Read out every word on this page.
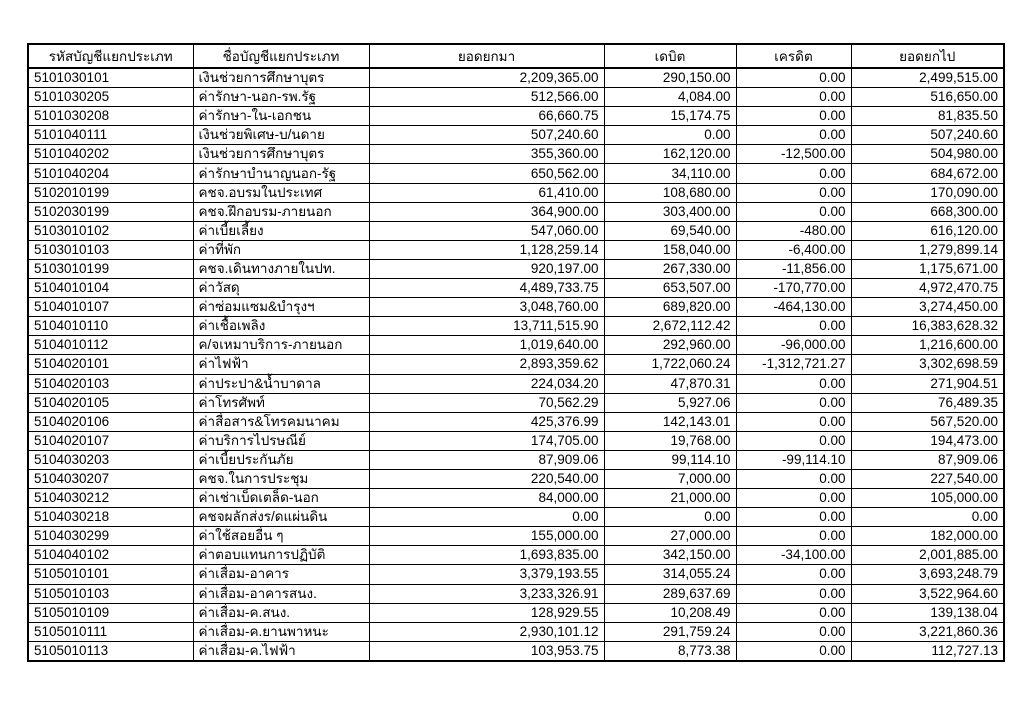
รหัสบัญชีแยกประเภท	ชื่อบัญชีแยกประเภท	ยอดยกมา	เดบิต	เครดิต	ยอดยกไป
5101030101	เงินช่วยการศึกษาบุตร	2,209,365.00	290,150.00	0.00	2,499,515.00
5101030205	ค่ารักษา-นอก-รพ.รัฐ	512,566.00	4,084.00	0.00	516,650.00
5101030208	ค่ารักษา-ใน-เอกชน	66,660.75	15,174.75	0.00	81,835.50
5101040111	เงินช่วยพิเศษ-บ/นดาย	507,240.60	0.00	0.00	507,240.60
5101040202	เงินช่วยการศึกษาบุตร	355,360.00	162,120.00	-12,500.00	504,980.00
5101040204	ค่ารักษาบำนาญนอก-รัฐ	650,562.00	34,110.00	0.00	684,672.00
5102010199	คชจ.อบรมในประเทศ	61,410.00	108,680.00	0.00	170,090.00
5102030199	คชจ.ฝึกอบรม-ภายนอก	364,900.00	303,400.00	0.00	668,300.00
5103010102	ค่าเบี้ยเลี้ยง	547,060.00	69,540.00	-480.00	616,120.00
5103010103	ค่าที่พัก	1,128,259.14	158,040.00	-6,400.00	1,279,899.14
5103010199	คชจ.เดินทางภายในปท.	920,197.00	267,330.00	-11,856.00	1,175,671.00
5104010104	ค่าวัสดุ	4,489,733.75	653,507.00	-170,770.00	4,972,470.75
5104010107	ค่าซ่อมแซม&บำรุงฯ	3,048,760.00	689,820.00	-464,130.00	3,274,450.00
5104010110	ค่าเชื้อเพลิง	13,711,515.90	2,672,112.42	0.00	16,383,628.32
5104010112	ค/จเหมาบริการ-ภายนอก	1,019,640.00	292,960.00	-96,000.00	1,216,600.00
5104020101	ค่าไฟฟ้า	2,893,359.62	1,722,060.24	-1,312,721.27	3,302,698.59
5104020103	ค่าประปา&น้ำบาดาล	224,034.20	47,870.31	0.00	271,904.51
5104020105	ค่าโทรศัพท์	70,562.29	5,927.06	0.00	76,489.35
5104020106	ค่าสื่อสาร&โทรคมนาคม	425,376.99	142,143.01	0.00	567,520.00
5104020107	ค่าบริการไปรษณีย์	174,705.00	19,768.00	0.00	194,473.00
5104030203	ค่าเบี้ยประกันภัย	87,909.06	99,114.10	-99,114.10	87,909.06
5104030207	คชจ.ในการประชุม	220,540.00	7,000.00	0.00	227,540.00
5104030212	ค่าเช่าเบ็ดเตล็ด-นอก	84,000.00	21,000.00	0.00	105,000.00
5104030218	คชจผลักส่งร/ดแผ่นดิน	0.00	0.00	0.00	0.00
5104030299	ค่าใช้สอยอื่น ๆ	155,000.00	27,000.00	0.00	182,000.00
5104040102	ค่าตอบแทนการปฏิบัติ	1,693,835.00	342,150.00	-34,100.00	2,001,885.00
5105010101	ค่าเสื่อม-อาคาร	3,379,193.55	314,055.24	0.00	3,693,248.79
5105010103	ค่าเสื่อม-อาคารสนง.	3,233,326.91	289,637.69	0.00	3,522,964.60
5105010109	ค่าเสื่อม-ค.สนง.	128,929.55	10,208.49	0.00	139,138.04
5105010111	ค่าเสื่อม-ค.ยานพาหนะ	2,930,101.12	291,759.24	0.00	3,221,860.36
5105010113	ค่าเสื่อม-ค.ไฟฟ้า	103,953.75	8,773.38	0.00	112,727.13
